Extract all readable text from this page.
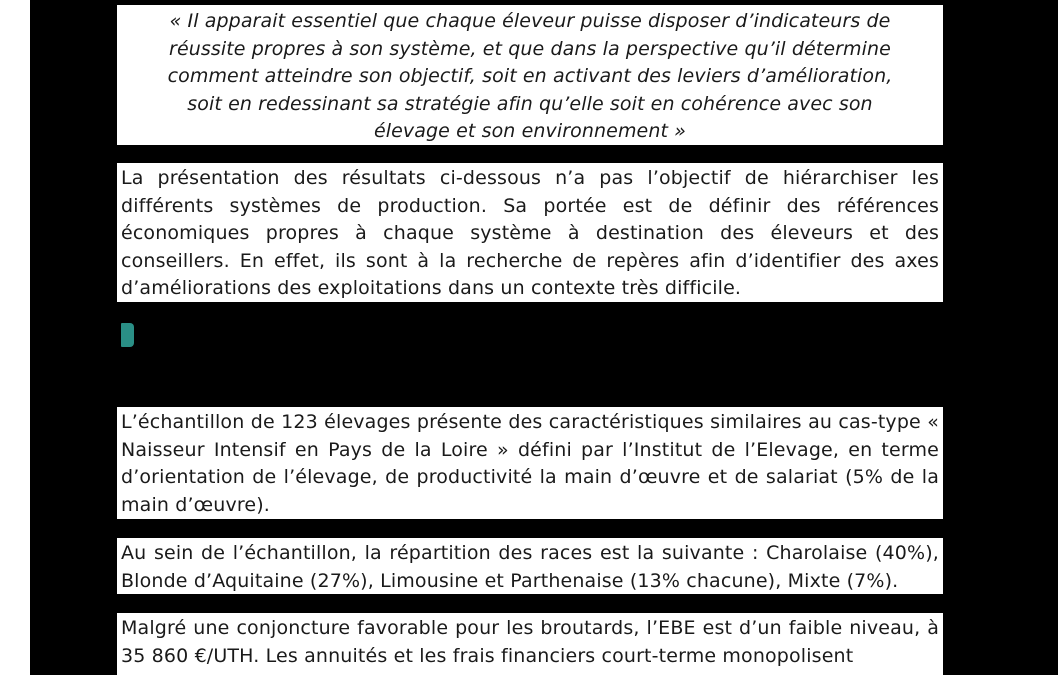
« Il apparait essentiel que chaque éleveur puisse disposer d’indicateurs de
réussite propres à son système, et que dans la perspective qu’il détermine
comment atteindre son objectif, soit en activant des leviers d’amélioration,
soit en redessinant sa stratégie afin qu’elle soit en cohérence avec son
élevage et son environnement »
La présentation des résultats ci-dessous n’a pas l’objectif de hiérarchiser les différents systèmes de production. Sa portée est de définir des références économiques propres à chaque système à destination des éleveurs et des conseillers. En effet, ils sont à la recherche de repères afin d’identifier des axes d’améliorations des exploitations dans un contexte très difficile.
L’échantillon de 123 élevages présente des caractéristiques similaires au cas-type « Naisseur Intensif en Pays de la Loire » défini par l’Institut de l’Elevage, en terme d’orientation de l’élevage, de productivité la main d’œuvre et de salariat (5% de la main d’œuvre).
Au sein de l’échantillon, la répartition des races est la suivante : Charolaise (40%), Blonde d’Aquitaine (27%), Limousine et Parthenaise (13% chacune), Mixte (7%).
Malgré une conjoncture favorable pour les broutards, l’EBE est d’un faible niveau, à 35 860 €/UTH. Les annuités et les frais financiers court-terme monopolisent
